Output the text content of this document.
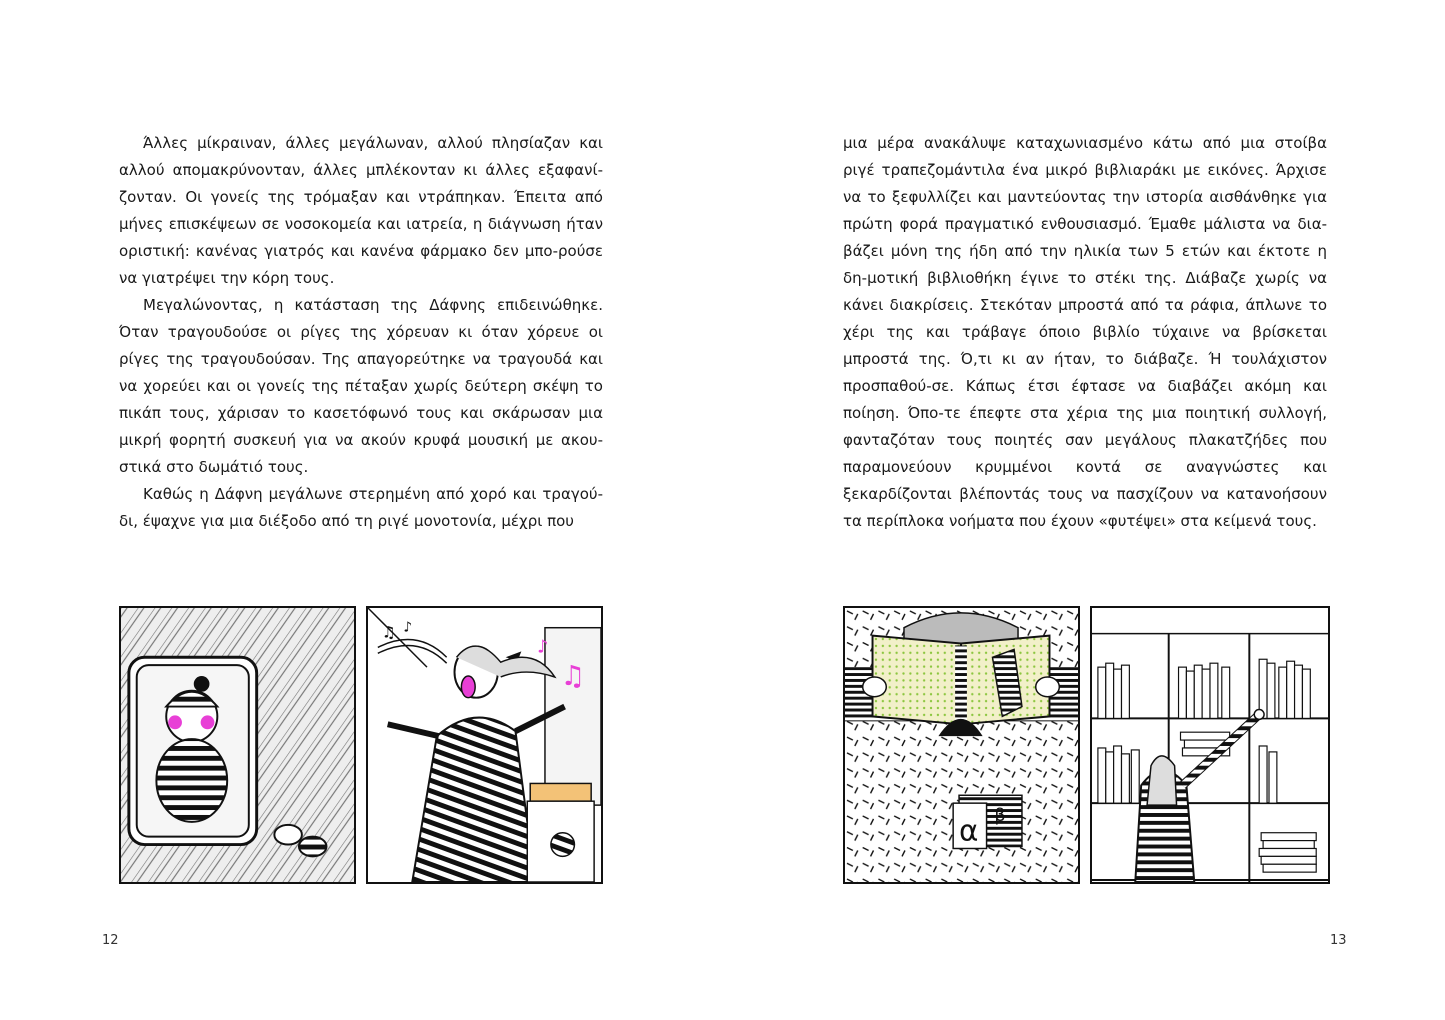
Άλλες μίκραιναν, άλλες μεγάλωναν, αλλού πλησίαζαν και αλλού απομακρύνονταν, άλλες μπλέκονταν κι άλλες εξαφανί-ζονταν. Οι γονείς της τρόμαξαν και ντράπηκαν. Έπειτα από μήνες επισκέψεων σε νοσοκομεία και ιατρεία, η διάγνωση ήταν οριστική: κανένας γιατρός και κανένα φάρμακο δεν μπο-ρούσε να γιατρέψει την κόρη τους.

Μεγαλώνοντας, η κατάσταση της Δάφνης επιδεινώθηκε. Όταν τραγουδούσε οι ρίγες της χόρευαν κι όταν χόρευε οι ρίγες της τραγουδούσαν. Της απαγορεύτηκε να τραγουδά και να χορεύει και οι γονείς της πέταξαν χωρίς δεύτερη σκέψη το πικάπ τους, χάρισαν το κασετόφωνό τους και σκάρωσαν μια μικρή φορητή συσκευή για να ακούν κρυφά μουσική με ακου-στικά στο δωμάτιό τους.

Καθώς η Δάφνη μεγάλωνε στερημένη από χορό και τραγού-δι, έψαχνε για μια διέξοδο από τη ριγέ μονοτονία, μέχρι που

μια μέρα ανακάλυψε καταχωνιασμένο κάτω από μια στοίβα ριγέ τραπεζομάντιλα ένα μικρό βιβλιαράκι με εικόνες. Άρχισε να το ξεφυλλίζει και μαντεύοντας την ιστορία αισθάνθηκε για πρώτη φορά πραγματικό ενθουσιασμό. Έμαθε μάλιστα να δια-βάζει μόνη της ήδη από την ηλικία των 5 ετών και έκτοτε η δη-μοτική βιβλιοθήκη έγινε το στέκι της. Διάβαζε χωρίς να κάνει διακρίσεις. Στεκόταν μπροστά από τα ράφια, άπλωνε το χέρι της και τράβαγε όποιο βιβλίο τύχαινε να βρίσκεται μπροστά της. Ό,τι κι αν ήταν, το διάβαζε. Ή τουλάχιστον προσπαθού-σε. Κάπως έτσι έφτασε να διαβάζει ακόμη και ποίηση. Όπο-τε έπεφτε στα χέρια της μια ποιητική συλλογή, φανταζόταν τους ποιητές σαν μεγάλους πλακατζήδες που παραμονεύουν κρυμμένοι κοντά σε αναγνώστες και ξεκαρδίζονται βλέποντάς τους να πασχίζουν να κατανοήσουν τα περίπλοκα νοήματα που έχουν «φυτέψει» στα κείμενά τους.

♫ ♪
♪
♫
α β
12	13
